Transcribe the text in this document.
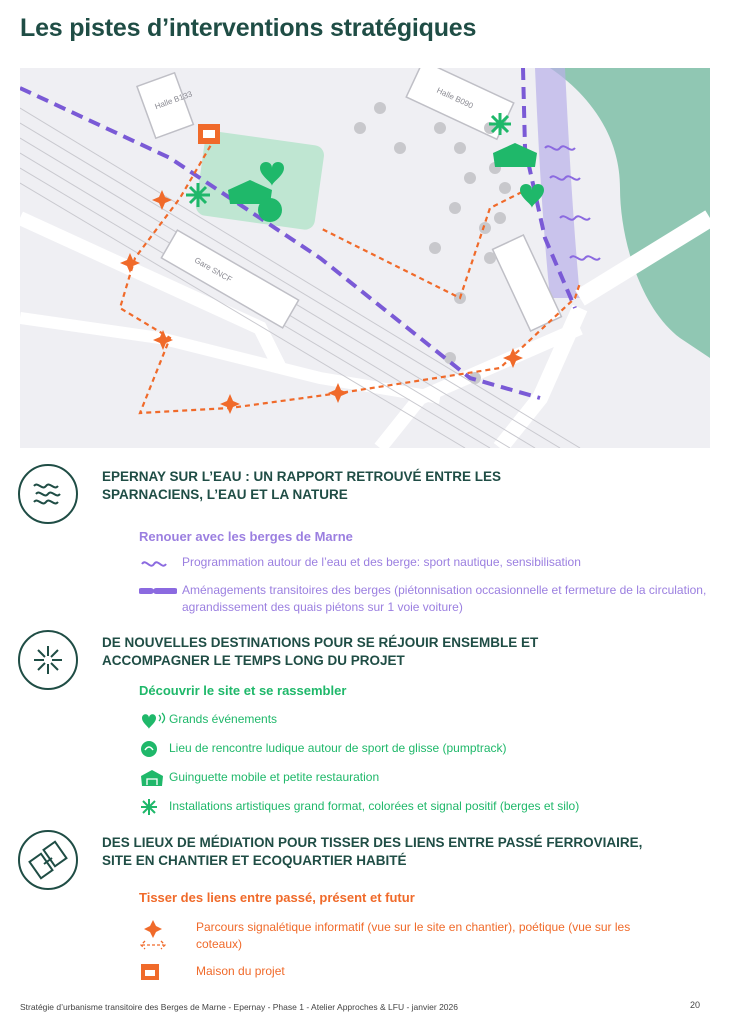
Les pistes d’interventions stratégiques
Halle B133	Halle B090
Gare SNCF
EPERNAY SUR L’EAU : UN RAPPORT RETROUVÉ ENTRE LES
SPARNACIENS, L’EAU ET LA NATURE
Renouer avec les berges de Marne
Programmation autour de l’eau et des berge: sport nautique, sensibilisation
Aménagements transitoires des berges (piétonnisation occasionnelle et fermeture de la circulation, agrandissement des quais piétons sur 1 voie voiture)
DE NOUVELLES DESTINATIONS POUR SE RÉJOUIR ENSEMBLE ET
ACCOMPAGNER LE TEMPS LONG DU PROJET
Découvrir le site et se rassembler
Grands événements
Lieu de rencontre ludique autour de sport de glisse (pumptrack)
Guinguette mobile et petite restauration
Installations artistiques grand format, colorées et signal positif (berges et silo)
DES LIEUX DE MÉDIATION POUR TISSER DES LIENS ENTRE PASSÉ FERROVIAIRE,
SITE EN CHANTIER ET ECOQUARTIER HABITÉ
Tisser des liens entre passé, présent et futur
Parcours signalétique informatif (vue sur le site en chantier), poétique (vue sur les coteaux)
Maison du projet
Stratégie d’urbanisme transitoire des Berges de Marne - Epernay - Phase 1 - Atelier Approches & LFU - janvier 2026	20
